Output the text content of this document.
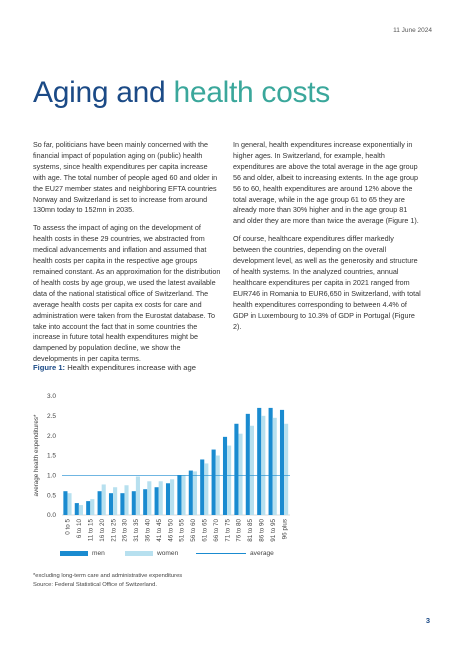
11 June 2024
Aging and health costs

So far, politicians have been mainly concerned with the financial impact of population aging on (public) health systems, since health expenditures per capita increase with age. The total number of people aged 60 and older in the EU27 member states and neighboring EFTA countries Norway and Switzerland is set to increase from around 130mn today to 152mn in 2035.

To assess the impact of aging on the development of health costs in these 29 countries, we abstracted from medical advancements and inflation and assumed that health costs per capita in the respective age groups remained constant. As an approximation for the distribution of health costs by age group, we used the latest available data of the national statistical office of Switzerland. The average health costs per capita ex costs for care and administration were taken from the Eurostat database. To take into account the fact that in some countries the increase in future total health expenditures might be dampened by population decline, we show the developments in per capita terms.

In general, health expenditures increase exponentially in higher ages. In Switzerland, for example, health expenditures are above the total average in the age group 56 and older, albeit to increasing extents. In the age group 56 to 60, health expenditures are around 12% above the total average, while in the age group 61 to 65 they are already more than 30% higher and in the age group 81 and older they are more than twice the average (Figure 1).

Of course, healthcare expenditures differ markedly between the countries, depending on the overall development level, as well as the generosity and structure of health systems. In the analyzed countries, annual healthcare expenditures per capita in 2021 ranged from EUR746 in Romania to EUR6,650 in Switzerland, with total health expenditures corresponding to between 4.4% of GDP in Luxembourg to 10.3% of GDP in Portugal (Figure 2).

Figure 1: Health expenditures increase with age
0.0
0.5
1.0
1.5
2.0
2.5
3.0
average health expenditures*
0 to 5 6 to 10 11 to 15 16 to 20 21 to 25 26 to 30 31 to 35 36 to 40 41 to 45 46 to 50 51 to 55 56 to 60 61 to 65 66 to 70 71 to 75 76 to 80 81 to 85 86 to 90 91 to 95 96 plus
men	women	average
*excluding long-term care and administrative expenditures
Source: Federal Statistical Office of Switzerland.
3
